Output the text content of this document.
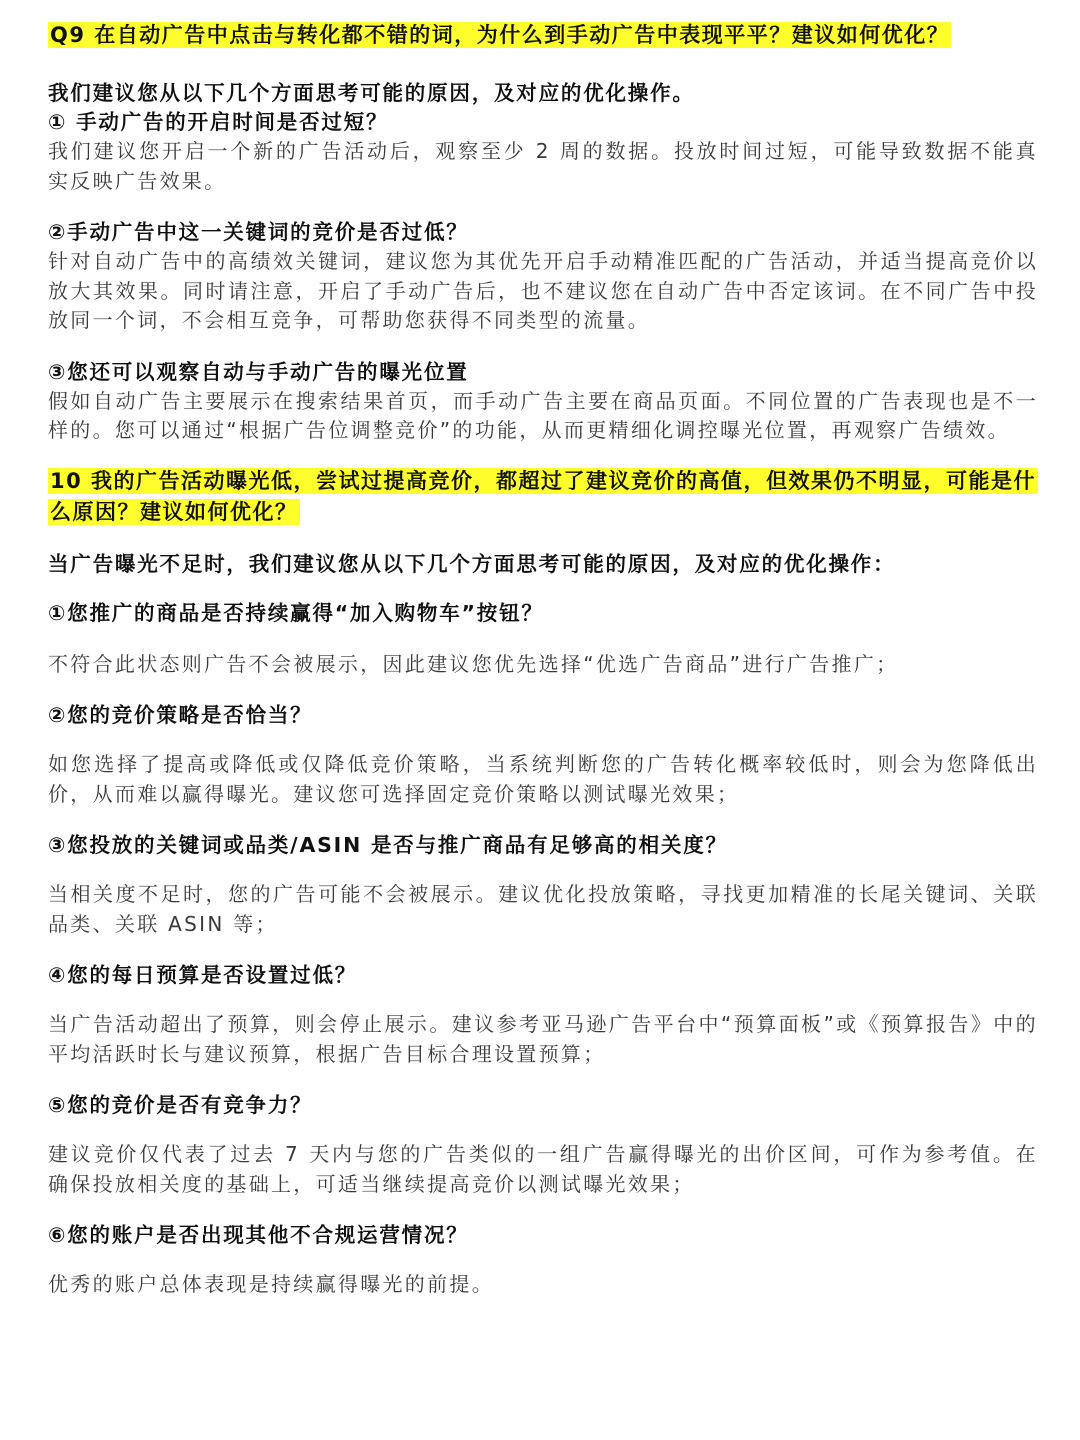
Q9 在自动广告中点击与转化都不错的词，为什么到手动广告中表现平平？建议如何优化？

我们建议您从以下几个方面思考可能的原因，及对应的优化操作。

① 手动广告的开启时间是否过短？

我们建议您开启一个新的广告活动后，观察至少 2 周的数据。投放时间过短，可能导致数据不能真实反映广告效果。

②手动广告中这一关键词的竞价是否过低？

针对自动广告中的高绩效关键词，建议您为其优先开启手动精准匹配的广告活动，并适当提高竞价以放大其效果。同时请注意，开启了手动广告后，也不建议您在自动广告中否定该词。在不同广告中投放同一个词，不会相互竞争，可帮助您获得不同类型的流量。

③您还可以观察自动与手动广告的曝光位置

假如自动广告主要展示在搜索结果首页，而手动广告主要在商品页面。不同位置的广告表现也是不一样的。您可以通过“根据广告位调整竞价”的功能，从而更精细化调控曝光位置，再观察广告绩效。

10 我的广告活动曝光低，尝试过提高竞价，都超过了建议竞价的高值，但效果仍不明显，可能是什么原因？建议如何优化？

当广告曝光不足时，我们建议您从以下几个方面思考可能的原因，及对应的优化操作：

①您推广的商品是否持续赢得“加入购物车”按钮？

不符合此状态则广告不会被展示，因此建议您优先选择“优选广告商品”进行广告推广；

②您的竞价策略是否恰当？

如您选择了提高或降低或仅降低竞价策略，当系统判断您的广告转化概率较低时，则会为您降低出价，从而难以赢得曝光。建议您可选择固定竞价策略以测试曝光效果；

③您投放的关键词或品类/ASIN 是否与推广商品有足够高的相关度？

当相关度不足时，您的广告可能不会被展示。建议优化投放策略，寻找更加精准的长尾关键词、关联品类、关联 ASIN 等；

④您的每日预算是否设置过低？

当广告活动超出了预算，则会停止展示。建议参考亚马逊广告平台中“预算面板”或《预算报告》中的平均活跃时长与建议预算，根据广告目标合理设置预算；

⑤您的竞价是否有竞争力？

建议竞价仅代表了过去 7 天内与您的广告类似的一组广告赢得曝光的出价区间，可作为参考值。在确保投放相关度的基础上，可适当继续提高竞价以测试曝光效果；

⑥您的账户是否出现其他不合规运营情况？

优秀的账户总体表现是持续赢得曝光的前提。
